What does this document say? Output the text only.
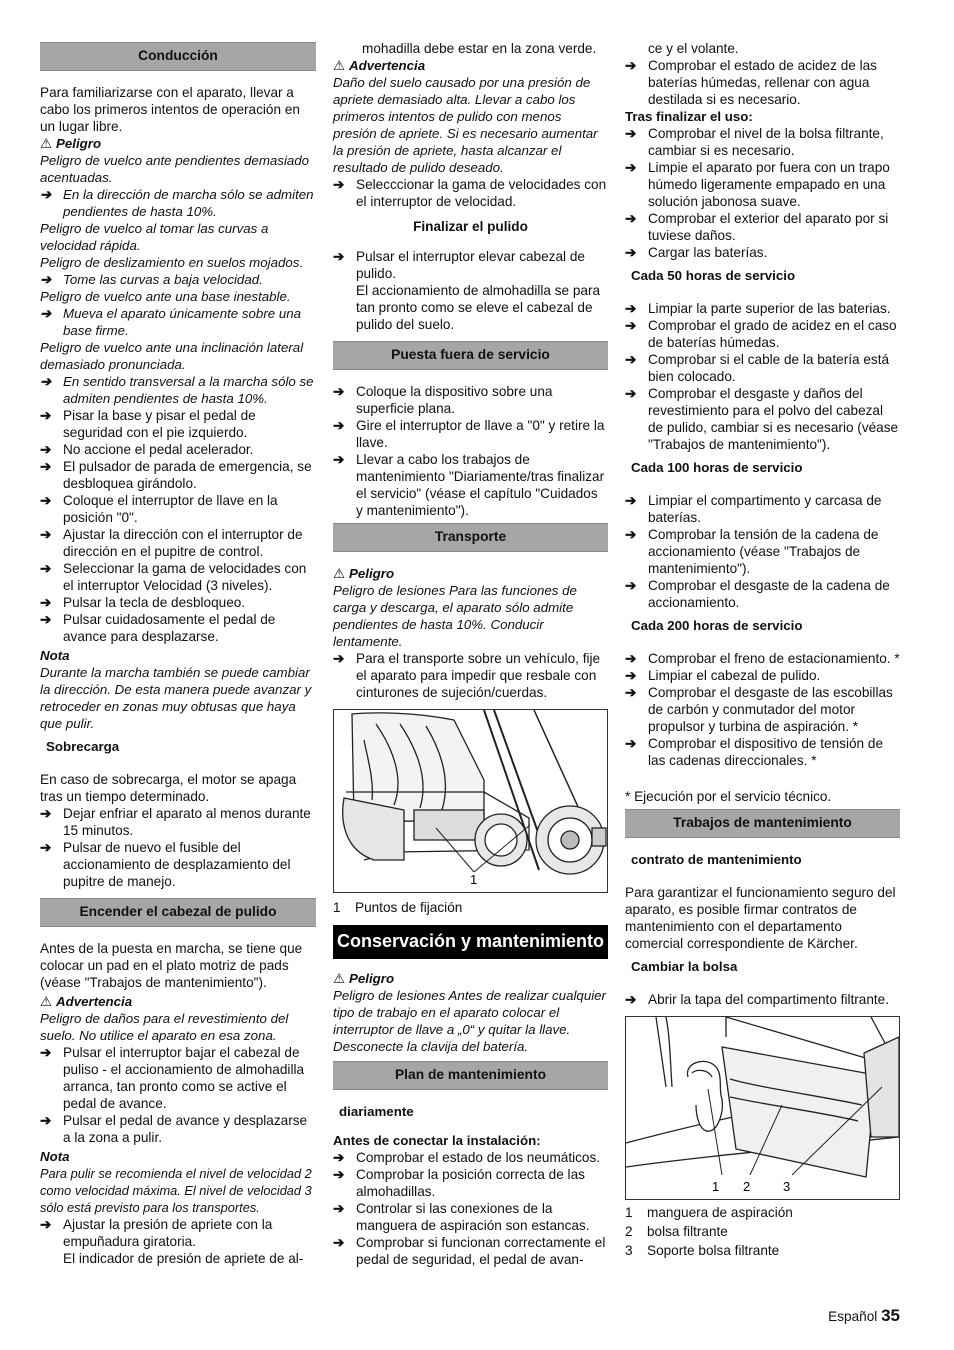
Conducción

Para familiarizarse con el aparato, llevar a cabo los primeros intentos de operación en un lugar libre.

⚠ Peligro

Peligro de vuelco ante pendientes demasiado acentuadas.

➔ En la dirección de marcha sólo se admiten pendientes de hasta 10%.

Peligro de vuelco al tomar las curvas a velocidad rápida.

Peligro de deslizamiento en suelos mojados.

➔ Tome las curvas a baja velocidad.

Peligro de vuelco ante una base inestable.

➔ Mueva el aparato únicamente sobre una base firme.

Peligro de vuelco ante una inclinación lateral demasiado pronunciada.

➔ En sentido transversal a la marcha sólo se admiten pendientes de hasta 10%.

➔ Pisar la base y pisar el pedal de seguridad con el pie izquierdo.

➔ No accione el pedal acelerador.

➔ El pulsador de parada de emergencia, se desbloquea girándolo.

➔ Coloque el interruptor de llave en la posición "0".

➔ Ajustar la dirección con el interruptor de dirección en el pupitre de control.

➔ Seleccionar la gama de velocidades con el interruptor Velocidad (3 niveles).

➔ Pulsar la tecla de desbloqueo.

➔ Pulsar cuidadosamente el pedal de avance para desplazarse.

Nota

Durante la marcha también se puede cambiar la dirección. De esta manera puede avanzar y retroceder en zonas muy obtusas que haya que pulir.

Sobrecarga

En caso de sobrecarga, el motor se apaga tras un tiempo determinado.

➔ Dejar enfriar el aparato al menos durante 15 minutos.

➔ Pulsar de nuevo el fusible del accionamiento de desplazamiento del pupitre de manejo.

Encender el cabezal de pulido

Antes de la puesta en marcha, se tiene que colocar un pad en el plato motriz de pads (véase "Trabajos de mantenimiento").

⚠ Advertencia

Peligro de daños para el revestimiento del suelo. No utilice el aparato en esa zona.

➔ Pulsar el interruptor bajar el cabezal de puliso - el accionamiento de almohadilla arranca, tan pronto como se active el pedal de avance.

➔ Pulsar el pedal de avance y desplazarse a la zona a pulir.

Nota

Para pulir se recomienda el nivel de velocidad 2 como velocidad máxima. El nivel de velocidad 3 sólo está previsto para los transportes.

➔ Ajustar la presión de apriete con la empuñadura giratoria.

El indicador de presión de apriete de al-

mohadilla debe estar en la zona verde.

⚠ Advertencia

Daño del suelo causado por una presión de apriete demasiado alta. Llevar a cabo los primeros intentos de pulido con menos presión de apriete. Si es necesario aumentar la presión de apriete, hasta alcanzar el resultado de pulido deseado.

➔ Selecccionar la gama de velocidades con el interruptor de velocidad.

Finalizar el pulido

➔ Pulsar el interruptor elevar cabezal de pulido.

El accionamiento de almohadilla se para tan pronto como se eleve el cabezal de pulido del suelo.

Puesta fuera de servicio

➔ Coloque la dispositivo sobre una superficie plana.

➔ Gire el interruptor de llave a "0" y retire la llave.

➔ Llevar a cabo los trabajos de mantenimiento "Diariamente/tras finalizar el servicio" (véase el capítulo "Cuidados y mantenimiento").

Transporte

⚠ Peligro

Peligro de lesiones Para las funciones de carga y descarga, el aparato sólo admite pendientes de hasta 10%. Conducir lentamente.

➔ Para el transporte sobre un vehículo, fije el aparato para impedir que resbale con cinturones de sujeción/cuerdas.

1

1 Puntos de fijación

Conservación y mantenimiento

⚠ Peligro

Peligro de lesiones Antes de realizar cualquier tipo de trabajo en el aparato colocar el interruptor de llave a „0“ y quitar la llave. Desconecte la clavija del batería.

Plan de mantenimiento
diariamente

Antes de conectar la instalación:

➔ Comprobar el estado de los neumáticos.

➔ Comprobar la posición correcta de las almohadillas.

➔ Controlar si las conexiones de la manguera de aspiración son estancas.

➔ Comprobar si funcionan correctamente el pedal de seguridad, el pedal de avan-

ce y el volante.

➔ Comprobar el estado de acidez de las baterías húmedas, rellenar con agua destilada si es necesario.

Tras finalizar el uso:

➔ Comprobar el nivel de la bolsa filtrante, cambiar si es necesario.

➔ Limpie el aparato por fuera con un trapo húmedo ligeramente empapado en una solución jabonosa suave.

➔ Comprobar el exterior del aparato por si tuviese daños.

➔ Cargar las baterías.

Cada 50 horas de servicio

➔ Limpiar la parte superior de las baterias.

➔ Comprobar el grado de acidez en el caso de baterías húmedas.

➔ Comprobar si el cable de la batería está bien colocado.

➔ Comprobar el desgaste y daños del revestimiento para el polvo del cabezal de pulido, cambiar si es necesario (véase "Trabajos de mantenimiento").

Cada 100 horas de servicio

➔ Limpiar el compartimento y carcasa de baterías.

➔ Comprobar la tensión de la cadena de accionamiento (véase "Trabajos de mantenimiento").

➔ Comprobar el desgaste de la cadena de accionamiento.

Cada 200 horas de servicio

➔ Comprobar el freno de estacionamiento. *

➔ Limpiar el cabezal de pulido.

➔ Comprobar el desgaste de las escobillas de carbón y conmutador del motor propulsor y turbina de aspiración. *

➔ Comprobar el dispositivo de tensión de las cadenas direccionales. *

* Ejecución por el servicio técnico.

Trabajos de mantenimiento
contrato de mantenimiento

Para garantizar el funcionamiento seguro del aparato, es posible firmar contratos de mantenimiento con el departamento comercial correspondiente de Kärcher.

Cambiar la bolsa

➔ Abrir la tapa del compartimento filtrante.

1 2	3

1 manguera de aspiración

2 bolsa filtrante

3 Soporte bolsa filtrante

Español 35
